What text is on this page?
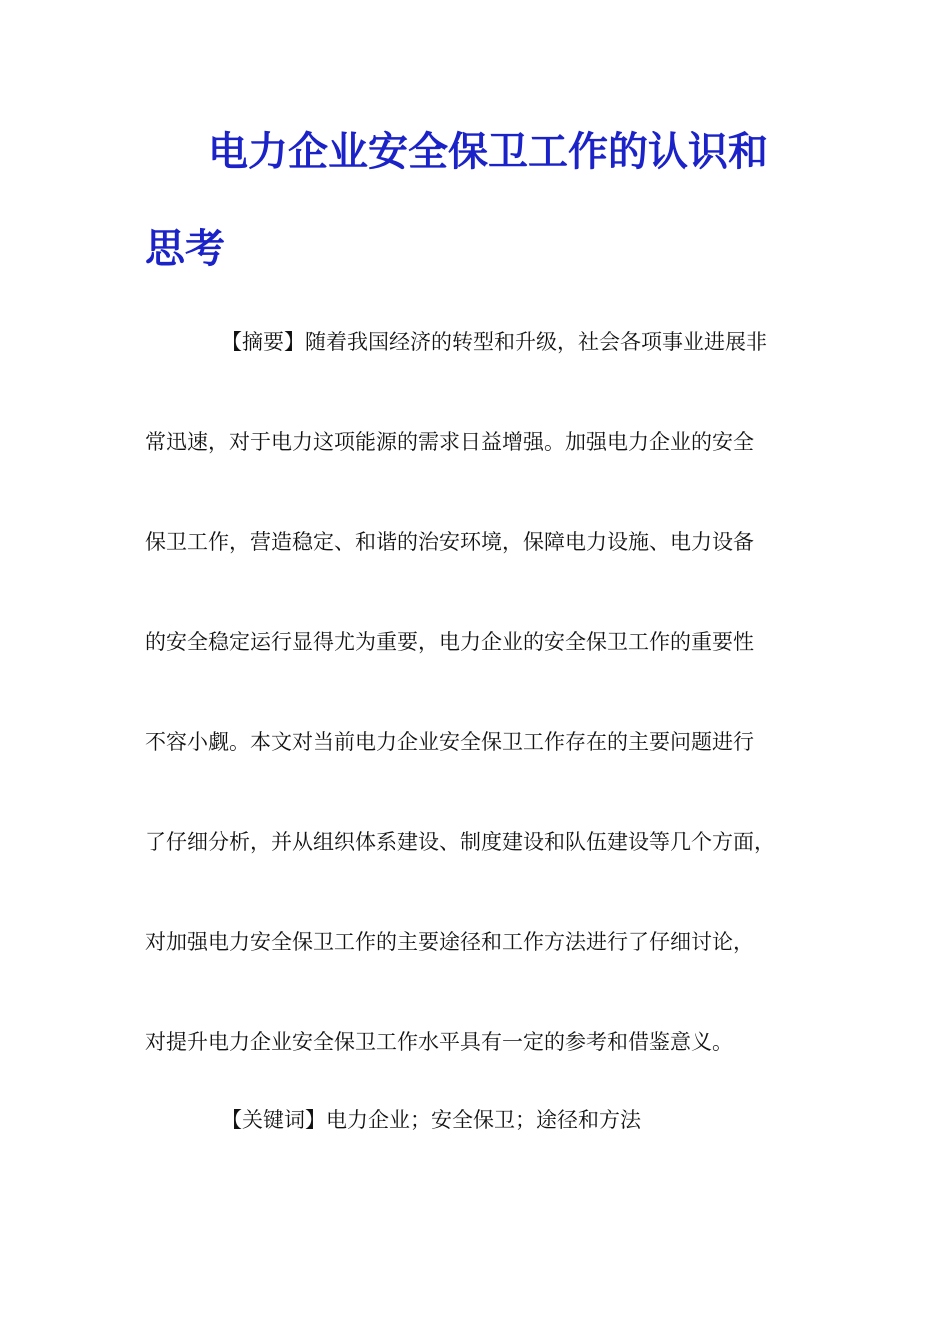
电力企业安全保卫工作的认识和
思考

【摘要】随着我国经济的转型和升级，社会各项事业进展非

常迅速，对于电力这项能源的需求日益增强。加强电力企业的安全

保卫工作，营造稳定、和谐的治安环境，保障电力设施、电力设备

的安全稳定运行显得尤为重要，电力企业的安全保卫工作的重要性

不容小觑。本文对当前电力企业安全保卫工作存在的主要问题进行

了仔细分析，并从组织体系建设、制度建设和队伍建设等几个方面，

对加强电力安全保卫工作的主要途径和工作方法进行了仔细讨论，

对提升电力企业安全保卫工作水平具有一定的参考和借鉴意义。

【关键词】电力企业；安全保卫；途径和方法
